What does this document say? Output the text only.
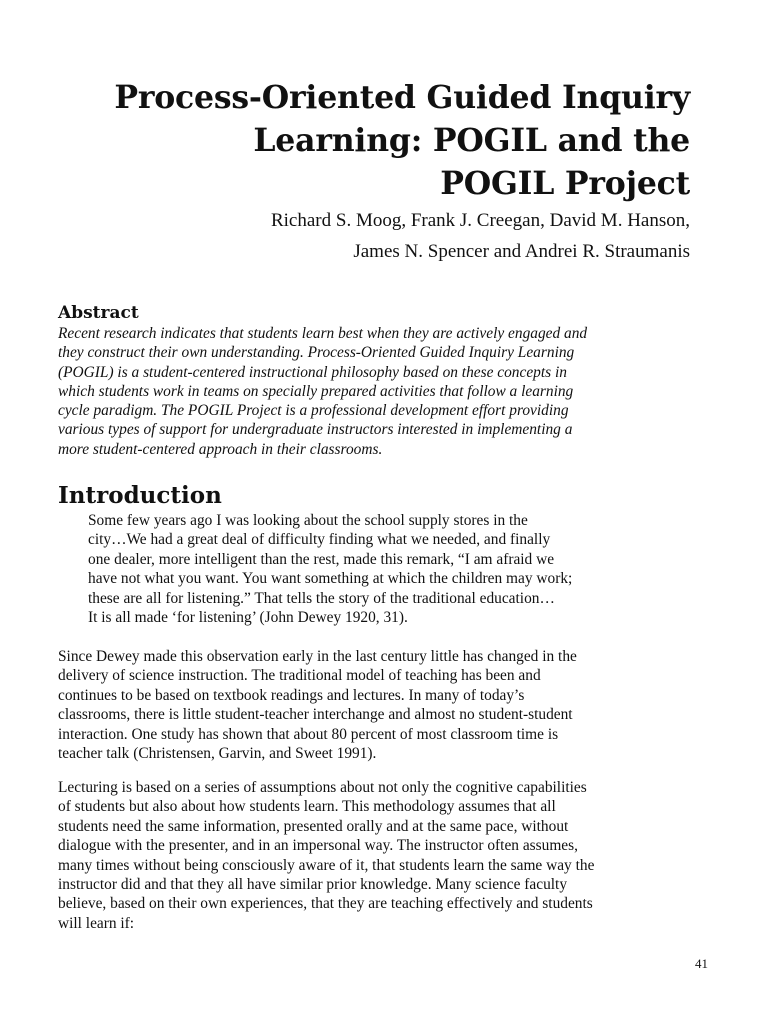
Process-Oriented Guided Inquiry
Learning: POGIL and the
POGIL Project

Richard S. Moog, Frank J. Creegan, David M. Hanson,
James N. Spencer and Andrei R. Straumanis

Abstract

Recent research indicates that students learn best when they are actively engaged and
they construct their own understanding. Process-Oriented Guided Inquiry Learning
(POGIL) is a student-centered instructional philosophy based on these concepts in
which students work in teams on specially prepared activities that follow a learning
cycle paradigm. The POGIL Project is a professional development effort providing
various types of support for undergraduate instructors interested in implementing a
more student-centered approach in their classrooms.

Introduction
Some few years ago I was looking about the school supply stores in the
city…We had a great deal of difficulty finding what we needed, and finally
one dealer, more intelligent than the rest, made this remark, “I am afraid we
have not what you want. You want something at which the children may work;
these are all for listening.” That tells the story of the traditional education…
It is all made ‘for listening’ (John Dewey 1920, 31).

Since Dewey made this observation early in the last century little has changed in the
delivery of science instruction. The traditional model of teaching has been and
continues to be based on textbook readings and lectures. In many of today’s
classrooms, there is little student-teacher interchange and almost no student-student
interaction. One study has shown that about 80 percent of most classroom time is
teacher talk (Christensen, Garvin, and Sweet 1991).

Lecturing is based on a series of assumptions about not only the cognitive capabilities
of students but also about how students learn. This methodology assumes that all
students need the same information, presented orally and at the same pace, without
dialogue with the presenter, and in an impersonal way. The instructor often assumes,
many times without being consciously aware of it, that students learn the same way the
instructor did and that they all have similar prior knowledge. Many science faculty
believe, based on their own experiences, that they are teaching effectively and students
will learn if:

41
